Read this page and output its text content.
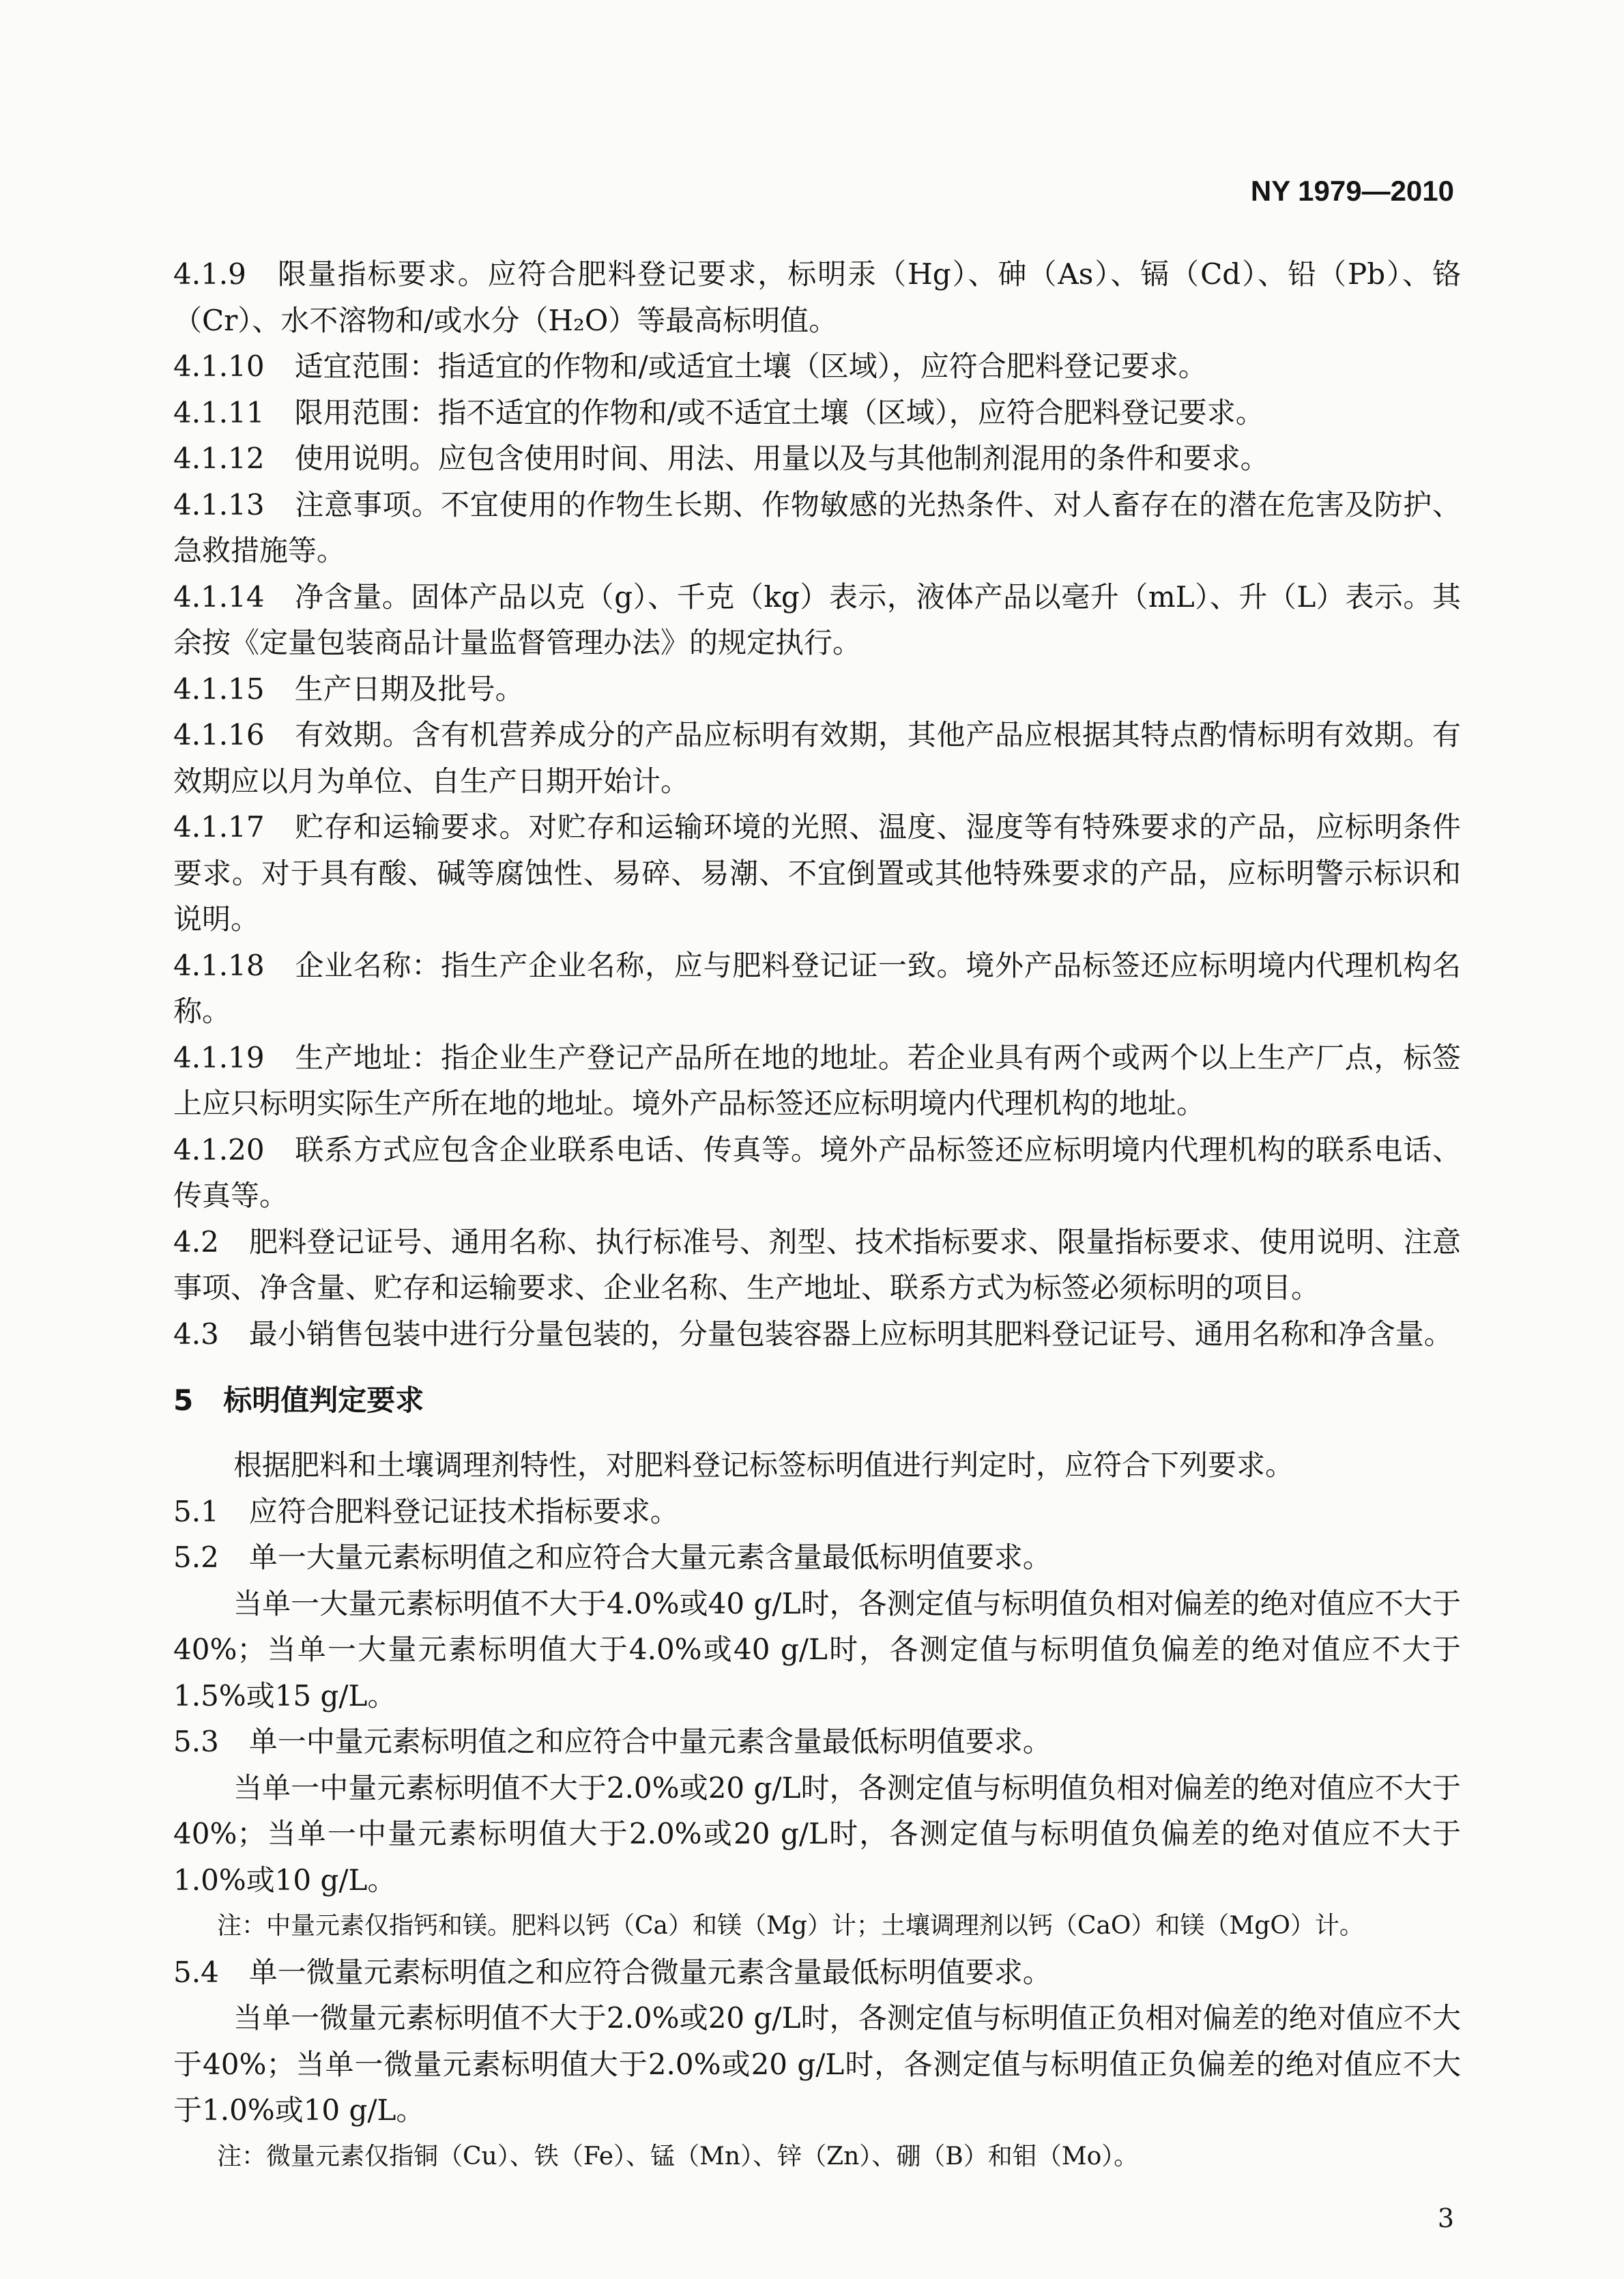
NY 1979—2010

4.1.9 限量指标要求。应符合肥料登记要求，标明汞（Hg）、砷（As）、镉（Cd）、铅（Pb）、铬（Cr）、水不溶物和/或水分（H₂O）等最高标明值。

4.1.10 适宜范围：指适宜的作物和/或适宜土壤（区域），应符合肥料登记要求。

4.1.11 限用范围：指不适宜的作物和/或不适宜土壤（区域），应符合肥料登记要求。

4.1.12 使用说明。应包含使用时间、用法、用量以及与其他制剂混用的条件和要求。

4.1.13 注意事项。不宜使用的作物生长期、作物敏感的光热条件、对人畜存在的潜在危害及防护、急救措施等。

4.1.14 净含量。固体产品以克（g）、千克（kg）表示，液体产品以毫升（mL）、升（L）表示。其余按《定量包装商品计量监督管理办法》的规定执行。

4.1.15 生产日期及批号。

4.1.16 有效期。含有机营养成分的产品应标明有效期，其他产品应根据其特点酌情标明有效期。有效期应以月为单位、自生产日期开始计。

4.1.17 贮存和运输要求。对贮存和运输环境的光照、温度、湿度等有特殊要求的产品，应标明条件要求。对于具有酸、碱等腐蚀性、易碎、易潮、不宜倒置或其他特殊要求的产品，应标明警示标识和说明。

4.1.18 企业名称：指生产企业名称，应与肥料登记证一致。境外产品标签还应标明境内代理机构名称。

4.1.19 生产地址：指企业生产登记产品所在地的地址。若企业具有两个或两个以上生产厂点，标签上应只标明实际生产所在地的地址。境外产品标签还应标明境内代理机构的地址。

4.1.20 联系方式应包含企业联系电话、传真等。境外产品标签还应标明境内代理机构的联系电话、传真等。

4.2 肥料登记证号、通用名称、执行标准号、剂型、技术指标要求、限量指标要求、使用说明、注意事项、净含量、贮存和运输要求、企业名称、生产地址、联系方式为标签必须标明的项目。

4.3 最小销售包装中进行分量包装的，分量包装容器上应标明其肥料登记证号、通用名称和净含量。

5 标明值判定要求

根据肥料和土壤调理剂特性，对肥料登记标签标明值进行判定时，应符合下列要求。

5.1 应符合肥料登记证技术指标要求。

5.2 单一大量元素标明值之和应符合大量元素含量最低标明值要求。

当单一大量元素标明值不大于4.0%或40 g/L时，各测定值与标明值负相对偏差的绝对值应不大于40%；当单一大量元素标明值大于4.0%或40 g/L时，各测定值与标明值负偏差的绝对值应不大于1.5%或15 g/L。

5.3 单一中量元素标明值之和应符合中量元素含量最低标明值要求。

当单一中量元素标明值不大于2.0%或20 g/L时，各测定值与标明值负相对偏差的绝对值应不大于40%；当单一中量元素标明值大于2.0%或20 g/L时，各测定值与标明值负偏差的绝对值应不大于1.0%或10 g/L。

注：中量元素仅指钙和镁。肥料以钙（Ca）和镁（Mg）计；土壤调理剂以钙（CaO）和镁（MgO）计。

5.4 单一微量元素标明值之和应符合微量元素含量最低标明值要求。

当单一微量元素标明值不大于2.0%或20 g/L时，各测定值与标明值正负相对偏差的绝对值应不大于40%；当单一微量元素标明值大于2.0%或20 g/L时，各测定值与标明值正负偏差的绝对值应不大于1.0%或10 g/L。

注：微量元素仅指铜（Cu）、铁（Fe）、锰（Mn）、锌（Zn）、硼（B）和钼（Mo）。

3
